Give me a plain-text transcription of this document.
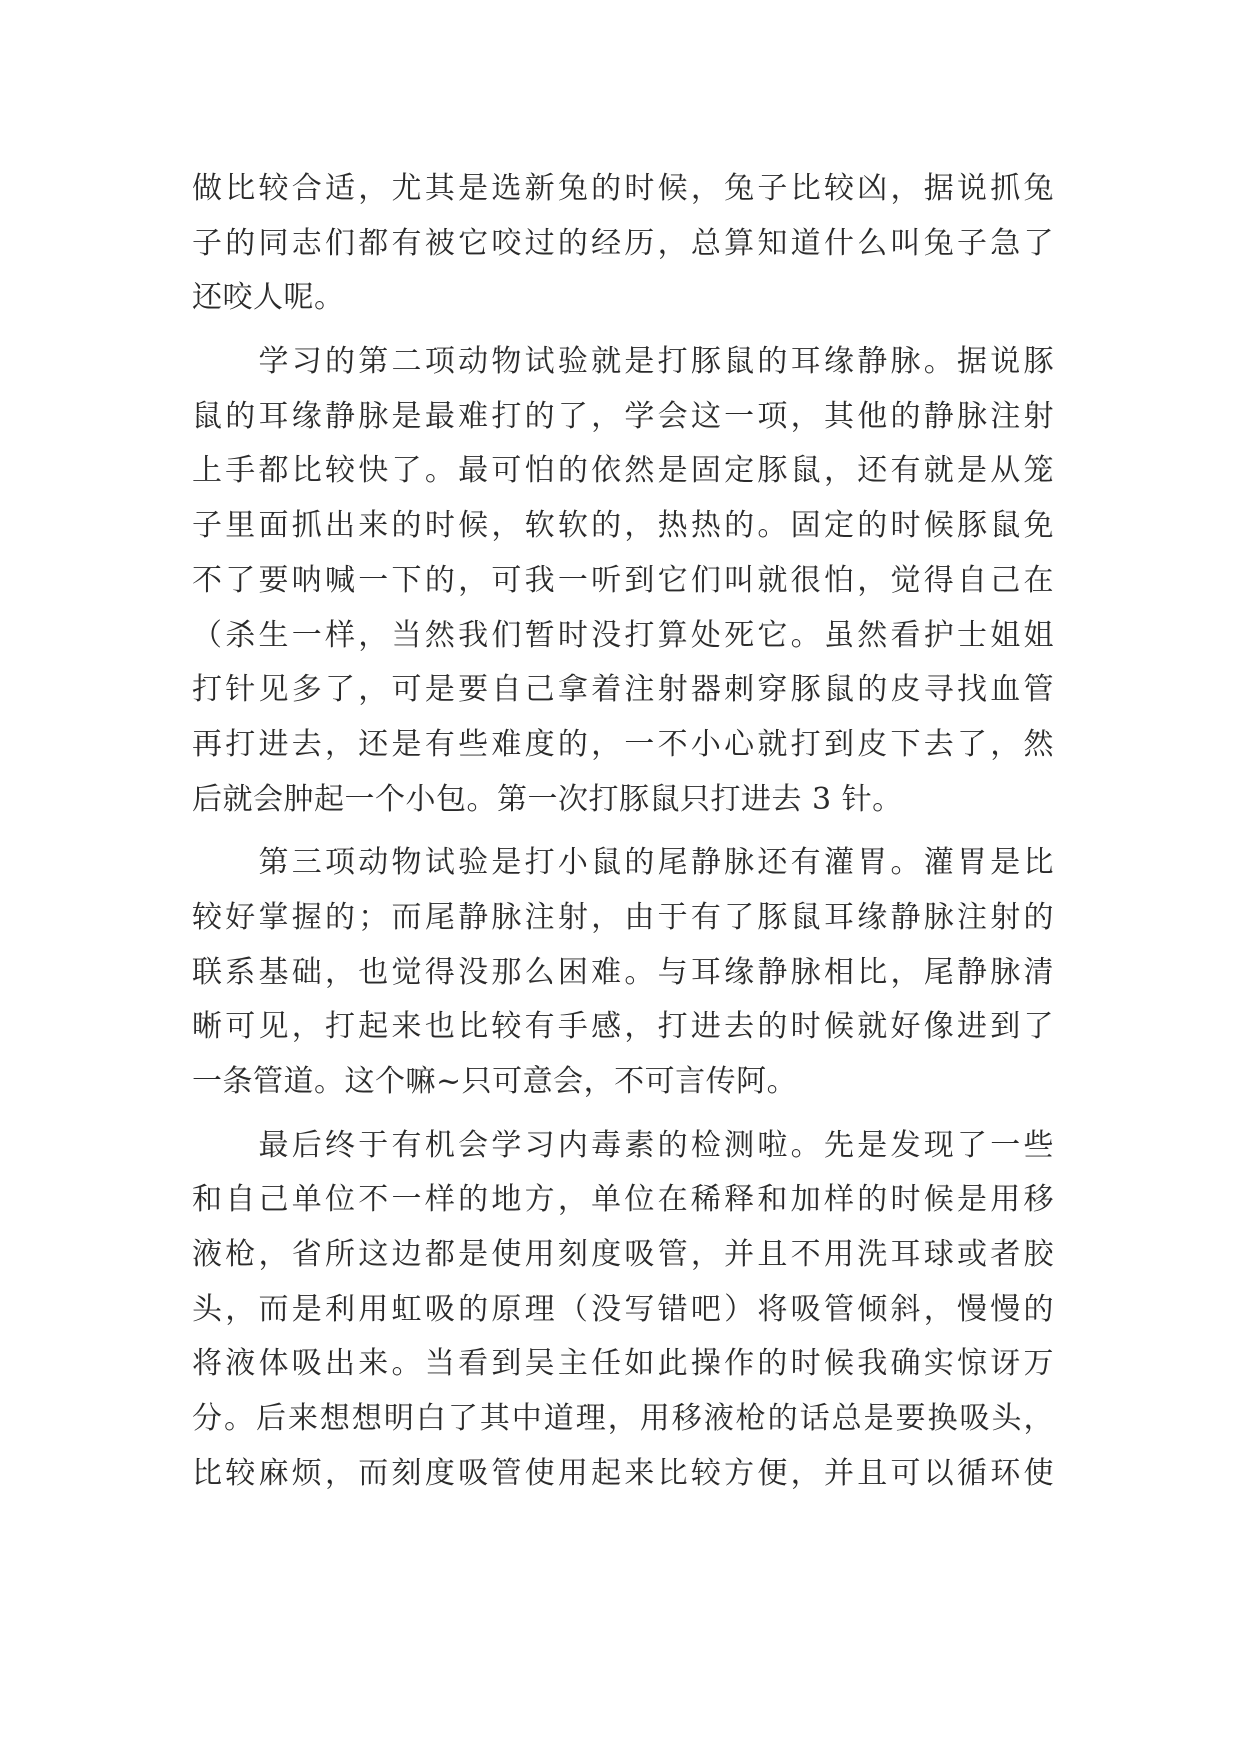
做比较合适，尤其是选新兔的时候，兔子比较凶，据说抓兔
子的同志们都有被它咬过的经历，总算知道什么叫兔子急了
还咬人呢。
　　学习的第二项动物试验就是打豚鼠的耳缘静脉。据说豚
鼠的耳缘静脉是最难打的了，学会这一项，其他的静脉注射
上手都比较快了。最可怕的依然是固定豚鼠，还有就是从笼
子里面抓出来的时候，软软的，热热的。固定的时候豚鼠免
不了要呐喊一下的，可我一听到它们叫就很怕，觉得自己在
（杀生一样，当然我们暂时没打算处死它。虽然看护士姐姐
打针见多了，可是要自己拿着注射器刺穿豚鼠的皮寻找血管
再打进去，还是有些难度的，一不小心就打到皮下去了，然
后就会肿起一个小包。第一次打豚鼠只打进去 3 针。
　　第三项动物试验是打小鼠的尾静脉还有灌胃。灌胃是比
较好掌握的；而尾静脉注射，由于有了豚鼠耳缘静脉注射的
联系基础，也觉得没那么困难。与耳缘静脉相比，尾静脉清
晰可见，打起来也比较有手感，打进去的时候就好像进到了
一条管道。这个嘛~只可意会，不可言传阿。
　　最后终于有机会学习内毒素的检测啦。先是发现了一些
和自己单位不一样的地方，单位在稀释和加样的时候是用移
液枪，省所这边都是使用刻度吸管，并且不用洗耳球或者胶
头，而是利用虹吸的原理（没写错吧）将吸管倾斜，慢慢的
将液体吸出来。当看到吴主任如此操作的时候我确实惊讶万
分。后来想想明白了其中道理，用移液枪的话总是要换吸头，
比较麻烦，而刻度吸管使用起来比较方便，并且可以循环使
